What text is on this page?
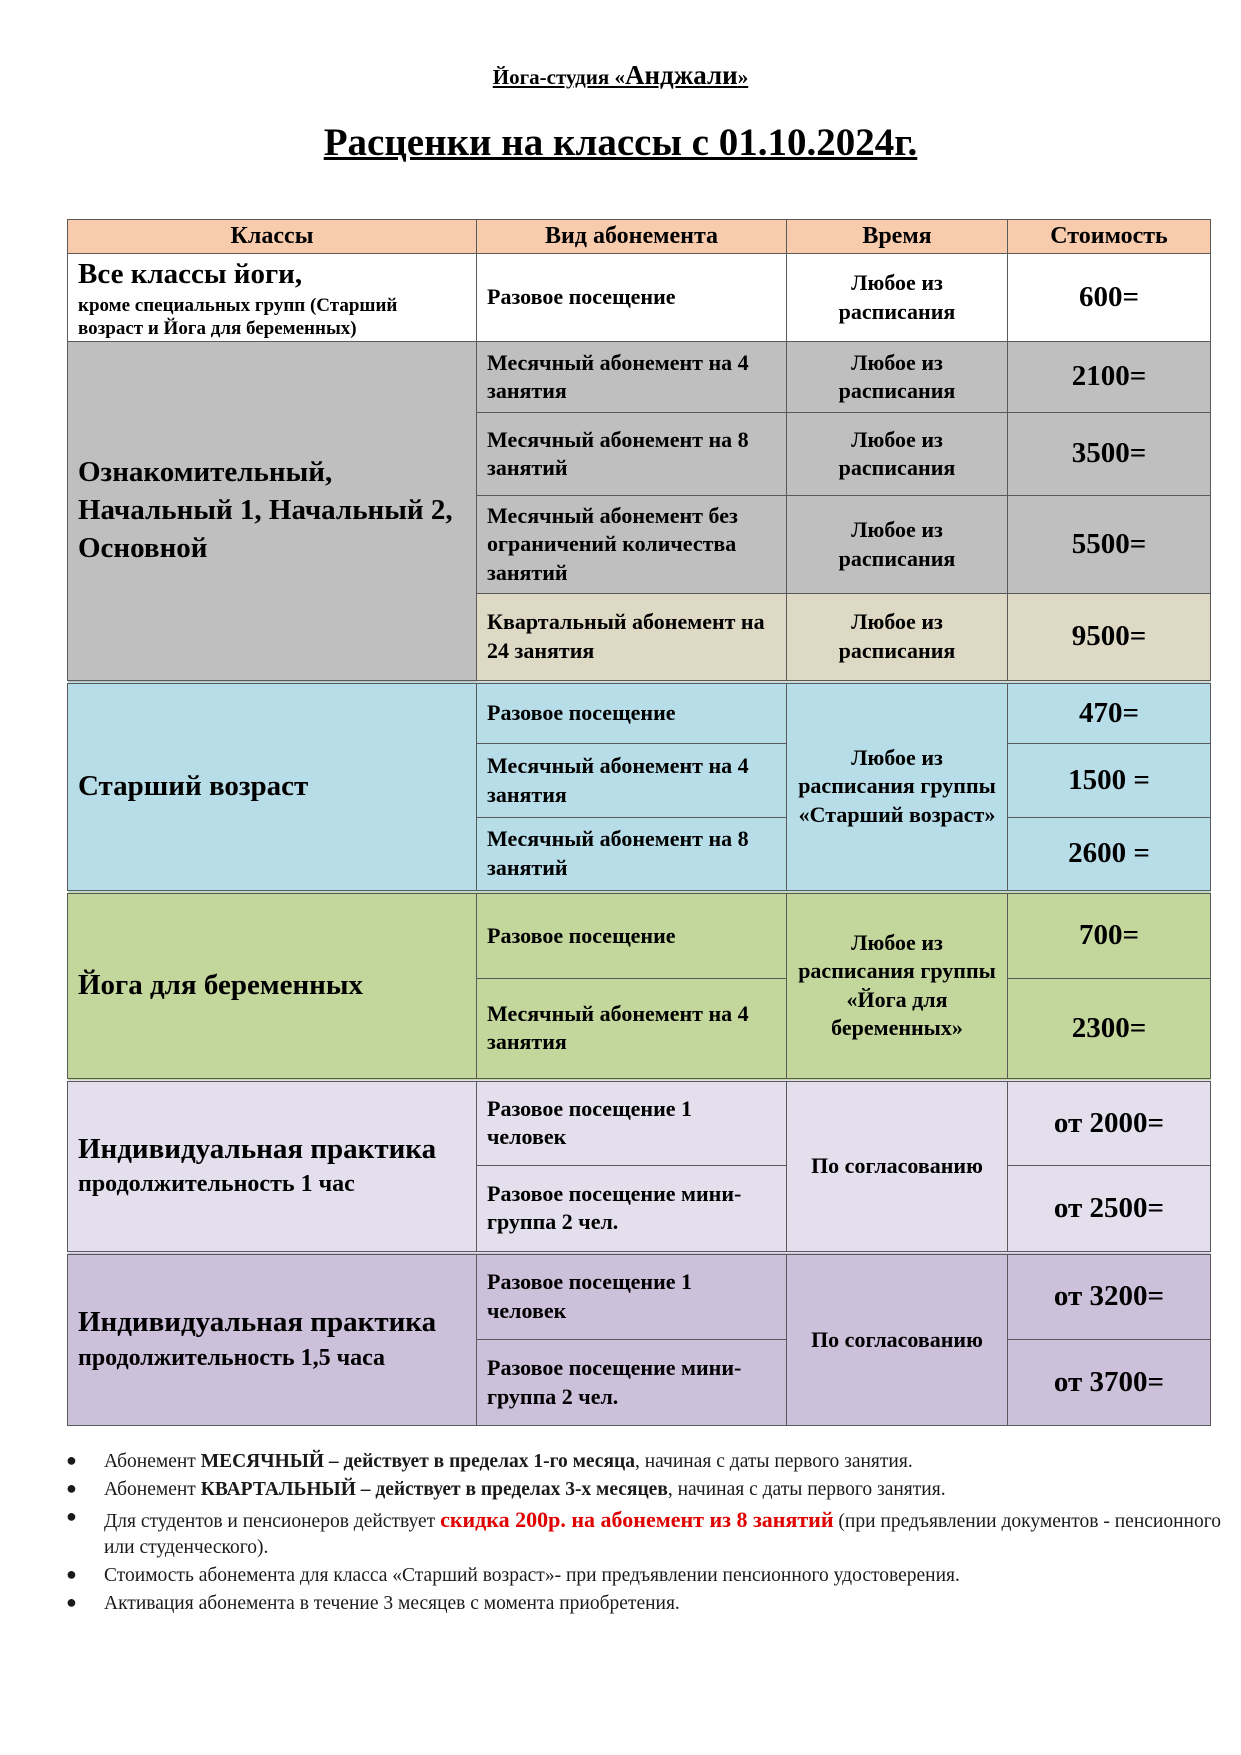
Йога-студия «Анджали»
Расценки на классы с 01.10.2024г.
Классы	Вид абонемента	Время	Стоимость
Все классы йоги,
кроме специальных групп (Старший возраст и Йога для беременных)	Разовое посещение	Любое из расписания	600=
Ознакомительный, Начальный 1, Начальный 2, Основной	Месячный абонемент на 4 занятия	Любое из расписания	2100=
	Месячный абонемент на 8 занятий	Любое из расписания	3500=
	Месячный абонемент без ограничений количества занятий	Любое из расписания	5500=
	Квартальный абонемент на 24 занятия	Любое из расписания	9500=
Старший возраст	Разовое посещение	Любое из расписания группы «Старший возраст»	470=
	Месячный абонемент на 4 занятия		1500 =
	Месячный абонемент на 8 занятий		2600 =
Йога для беременных	Разовое посещение	Любое из расписания группы «Йога для беременных»	700=
	Месячный абонемент на 4 занятия		2300=
Индивидуальная практика
продолжительность 1 час	Разовое посещение 1 человек	По согласованию	от 2000=
	Разовое посещение мини-группа 2 чел.		от 2500=
Индивидуальная практика
продолжительность 1,5 часа	Разовое посещение 1 человек	По согласованию	от 3200=
	Разовое посещение мини-группа 2 чел.		от 3700=
● Абонемент МЕСЯЧНЫЙ – действует в пределах 1-го месяца, начиная с даты первого занятия.
● Абонемент КВАРТАЛЬНЫЙ – действует в пределах 3-х месяцев, начиная с даты первого занятия.
● Для студентов и пенсионеров действует скидка 200р. на абонемент из 8 занятий (при предъявлении документов - пенсионного или студенческого).
● Стоимость абонемента для класса «Старший возраст»- при предъявлении пенсионного удостоверения.
● Активация абонемента в течение 3 месяцев с момента приобретения.
